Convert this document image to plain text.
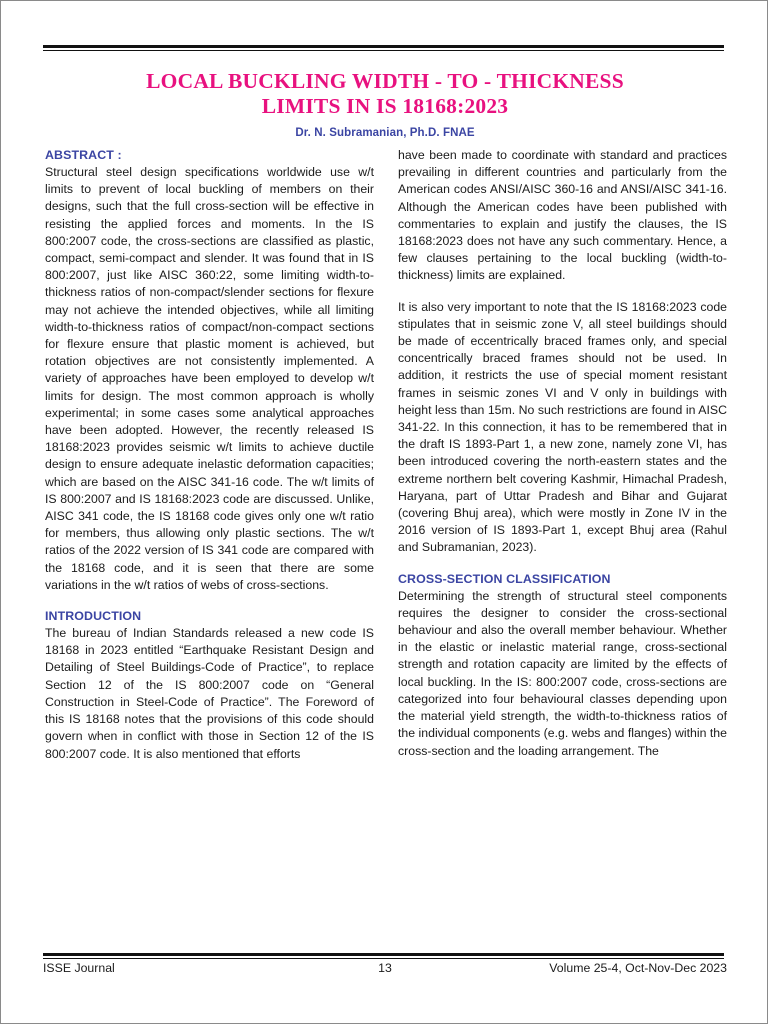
LOCAL BUCKLING WIDTH - TO - THICKNESS
LIMITS IN IS 18168:2023
Dr. N. Subramanian, Ph.D. FNAE
ABSTRACT :

Structural steel design specifications worldwide use w/t limits to prevent of local buckling of members on their designs, such that the full cross-section will be effective in resisting the applied forces and moments. In the IS 800:2007 code, the cross-sections are classified as plastic, compact, semi-compact and slender. It was found that in IS 800:2007, just like AISC 360:22, some limiting width-to-thickness ratios of non-compact/slender sections for flexure may not achieve the intended objectives, while all limiting width-to-thickness ratios of compact/non-compact sections for flexure ensure that plastic moment is achieved, but rotation objectives are not consistently implemented. A variety of approaches have been employed to develop w/t limits for design. The most common approach is wholly experimental; in some cases some analytical approaches have been adopted. However, the recently released IS 18168:2023 provides seismic w/t limits to achieve ductile design to ensure adequate inelastic deformation capacities; which are based on the AISC 341-16 code. The w/t limits of IS 800:2007 and IS 18168:2023 code are discussed. Unlike, AISC 341 code, the IS 18168 code gives only one w/t ratio for members, thus allowing only plastic sections. The w/t ratios of the 2022 version of IS 341 code are compared with the 18168 code, and it is seen that there are some variations in the w/t ratios of webs of cross-sections.

INTRODUCTION

The bureau of Indian Standards released a new code IS 18168 in 2023 entitled “Earthquake Resistant Design and Detailing of Steel Buildings-Code of Practice”, to replace Section 12 of the IS 800:2007 code on “General Construction in Steel-Code of Practice”. The Foreword of this IS 18168 notes that the provisions of this code should govern when in conflict with those in Section 12 of the IS 800:2007 code. It is also mentioned that efforts

have been made to coordinate with standard and practices prevailing in different countries and particularly from the American codes ANSI/AISC 360-16 and ANSI/AISC 341-16. Although the American codes have been published with commentaries to explain and justify the clauses, the IS 18168:2023 does not have any such commentary. Hence, a few clauses pertaining to the local buckling (width-to-thickness) limits are explained.

It is also very important to note that the IS 18168:2023 code stipulates that in seismic zone V, all steel buildings should be made of eccentrically braced frames only, and special concentrically braced frames should not be used. In addition, it restricts the use of special moment resistant frames in seismic zones VI and V only in buildings with height less than 15m. No such restrictions are found in AISC 341-22. In this connection, it has to be remembered that in the draft IS 1893-Part 1, a new zone, namely zone VI, has been introduced covering the north-eastern states and the extreme northern belt covering Kashmir, Himachal Pradesh, Haryana, part of Uttar Pradesh and Bihar and Gujarat (covering Bhuj area), which were mostly in Zone IV in the 2016 version of IS 1893-Part 1, except Bhuj area (Rahul and Subramanian, 2023).

CROSS-SECTION CLASSIFICATION

Determining the strength of structural steel components requires the designer to consider the cross-sectional behaviour and also the overall member behaviour. Whether in the elastic or inelastic material range, cross-sectional strength and rotation capacity are limited by the effects of local buckling. In the IS: 800:2007 code, cross-sections are categorized into four behavioural classes depending upon the material yield strength, the width-to-thickness ratios of the individual components (e.g. webs and flanges) within the cross-section and the loading arrangement. The

ISSE Journal	13	Volume 25-4, Oct-Nov-Dec 2023
